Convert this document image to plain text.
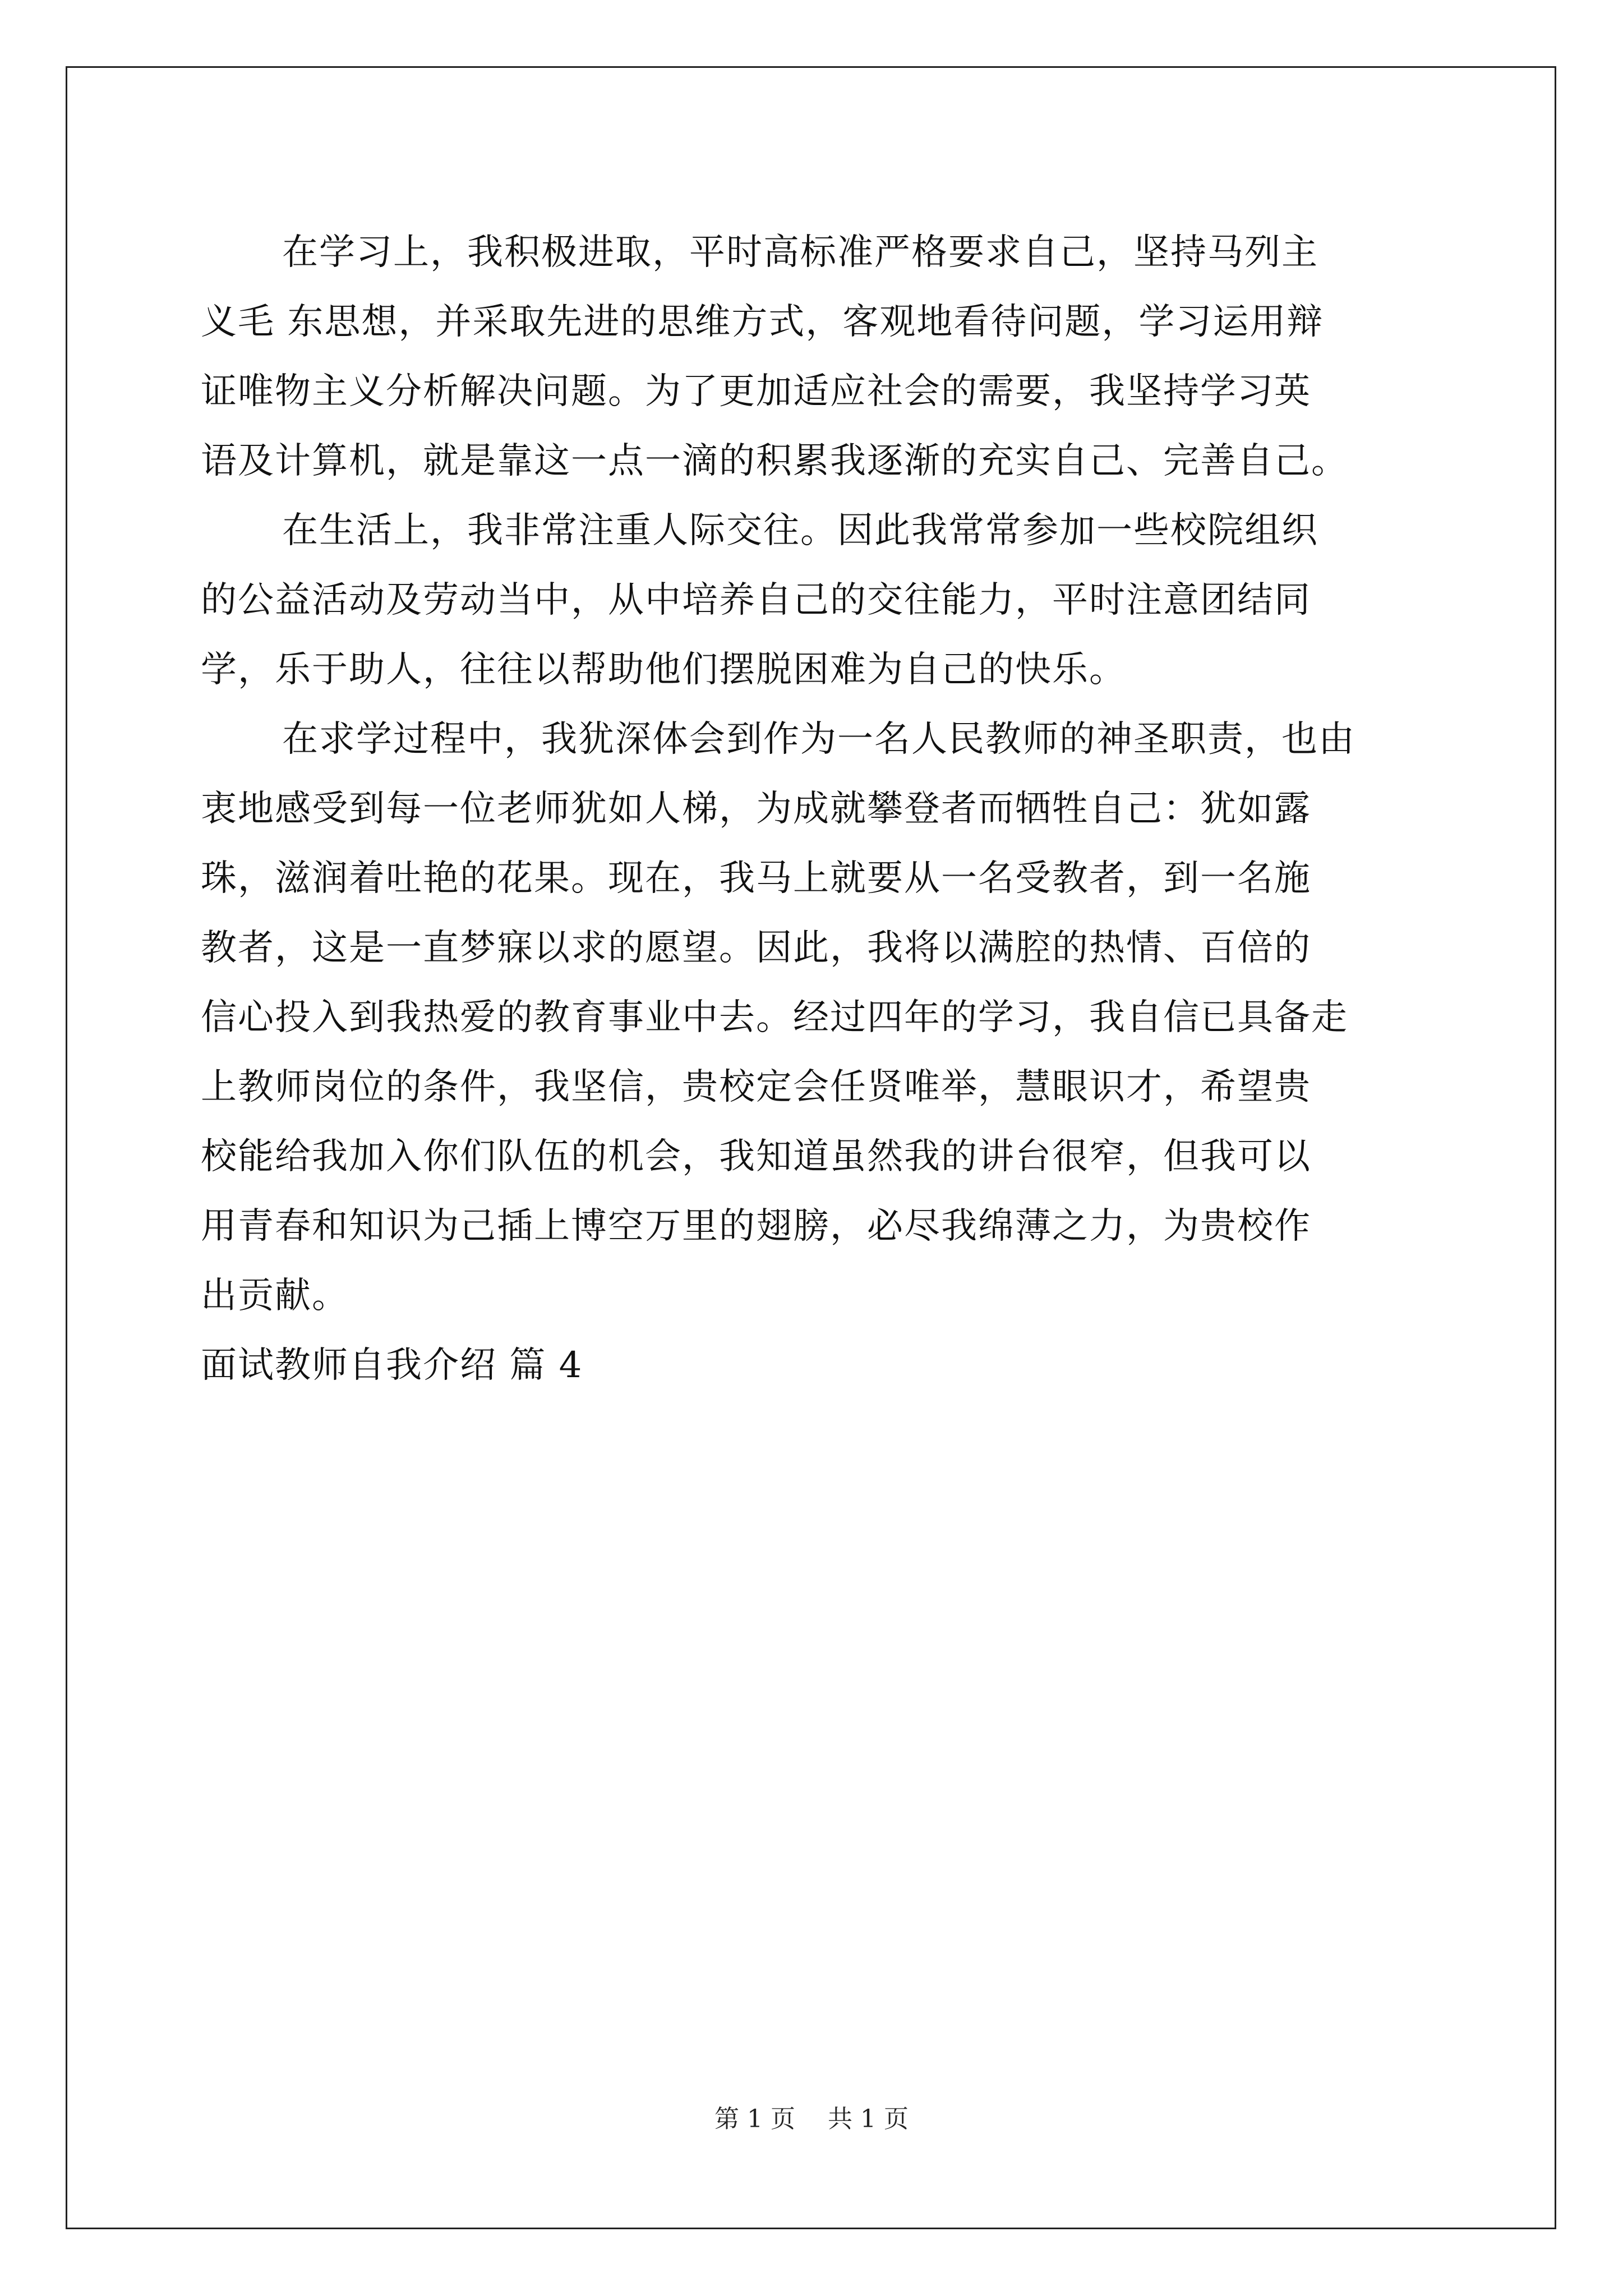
在学习上，我积极进取，平时高标准严格要求自己，坚持马列主
义毛 东思想，并采取先进的思维方式，客观地看待问题，学习运用辩
证唯物主义分析解决问题。为了更加适应社会的需要，我坚持学习英
语及计算机，就是靠这一点一滴的积累我逐渐的充实自己、完善自己。
在生活上，我非常注重人际交往。因此我常常参加一些校院组织
的公益活动及劳动当中，从中培养自己的交往能力，平时注意团结同
学，乐于助人，往往以帮助他们摆脱困难为自己的快乐。
在求学过程中，我犹深体会到作为一名人民教师的神圣职责，也由
衷地感受到每一位老师犹如人梯，为成就攀登者而牺牲自己：犹如露
珠，滋润着吐艳的花果。现在，我马上就要从一名受教者，到一名施
教者，这是一直梦寐以求的愿望。因此，我将以满腔的热情、百倍的
信心投入到我热爱的教育事业中去。经过四年的学习，我自信已具备走
上教师岗位的条件，我坚信，贵校定会任贤唯举，慧眼识才，希望贵
校能给我加入你们队伍的机会，我知道虽然我的讲台很窄，但我可以
用青春和知识为己插上博空万里的翅膀，必尽我绵薄之力，为贵校作
出贡献。
面试教师自我介绍 篇 4
第 1 页 共 1 页
